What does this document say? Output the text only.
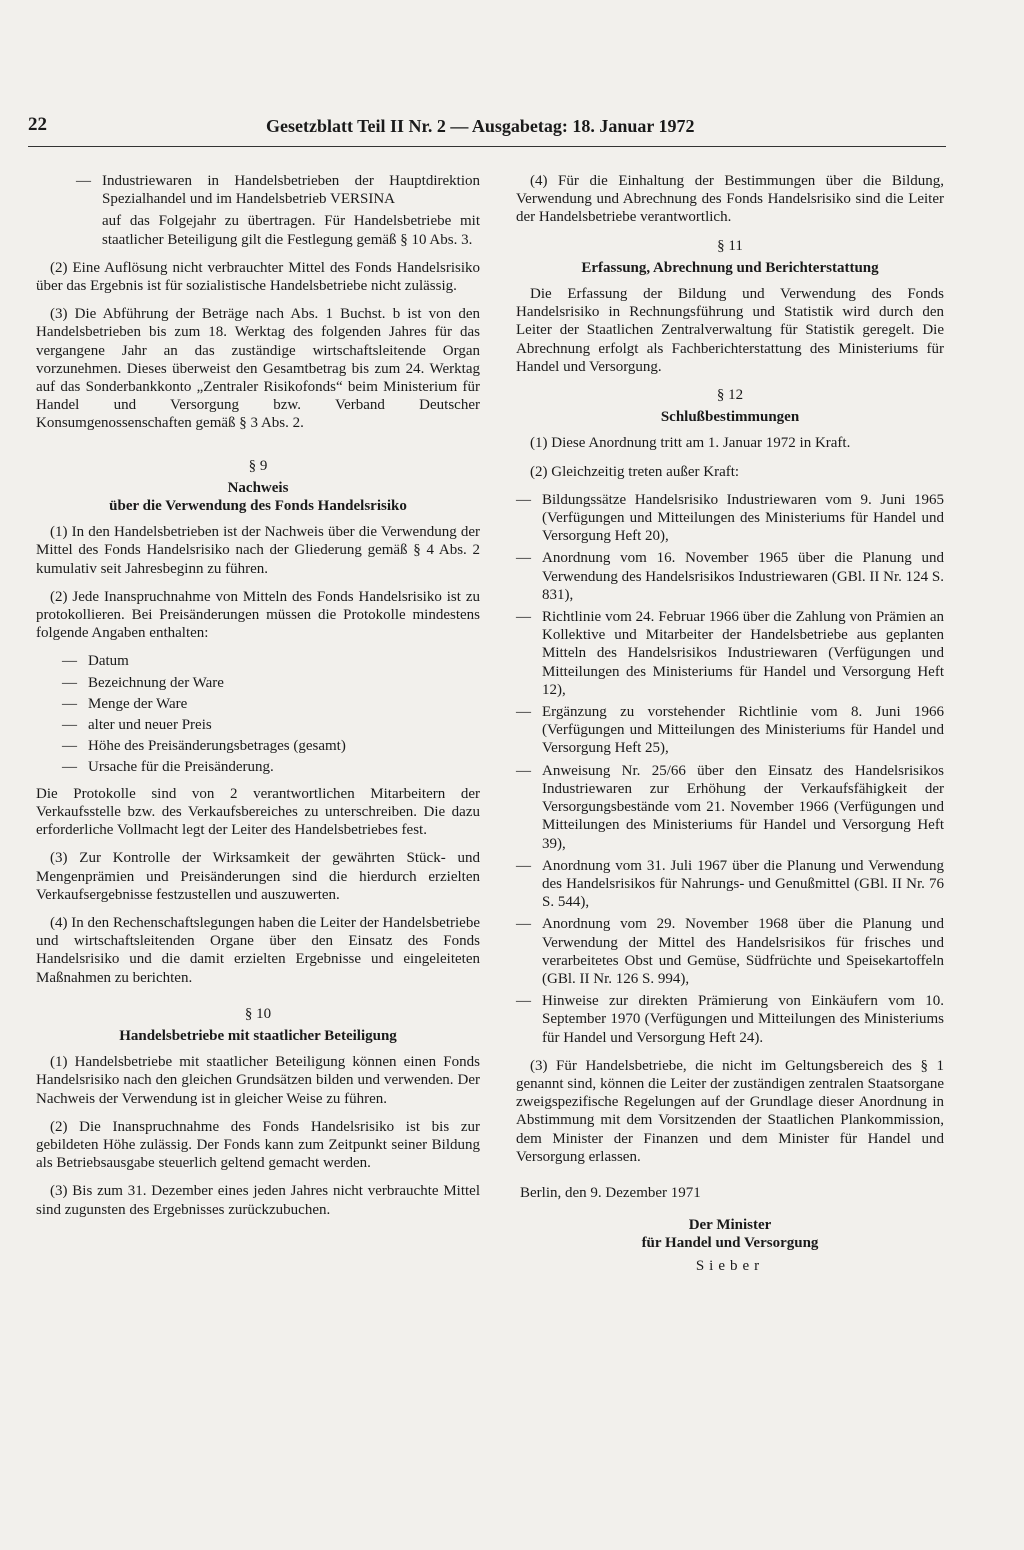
22	Gesetzblatt Teil II Nr. 2 — Ausgabetag: 18. Januar 1972
— Industriewaren in Handelsbetrieben der Hauptdirektion Spezialhandel und im Handelsbetrieb VERSINA

auf das Folgejahr zu übertragen. Für Handelsbetriebe mit staatlicher Beteiligung gilt die Festlegung gemäß § 10 Abs. 3.

(2) Eine Auflösung nicht verbrauchter Mittel des Fonds Handelsrisiko über das Ergebnis ist für sozialistische Handelsbetriebe nicht zulässig.

(3) Die Abführung der Beträge nach Abs. 1 Buchst. b ist von den Handelsbetrieben bis zum 18. Werktag des folgenden Jahres für das vergangene Jahr an das zuständige wirtschaftsleitende Organ vorzunehmen. Dieses überweist den Gesamtbetrag bis zum 24. Werktag auf das Sonderbankkonto „Zentraler Risikofonds“ beim Ministerium für Handel und Versorgung bzw. Verband Deutscher Konsumgenossenschaften gemäß § 3 Abs. 2.

§ 9
Nachweis
über die Verwendung des Fonds Handelsrisiko

(1) In den Handelsbetrieben ist der Nachweis über die Verwendung der Mittel des Fonds Handelsrisiko nach der Gliederung gemäß § 4 Abs. 2 kumulativ seit Jahresbeginn zu führen.

(2) Jede Inanspruchnahme von Mitteln des Fonds Handelsrisiko ist zu protokollieren. Bei Preisänderungen müssen die Protokolle mindestens folgende Angaben enthalten:

— Datum
— Bezeichnung der Ware
— Menge der Ware
— alter und neuer Preis
— Höhe des Preisänderungsbetrages (gesamt)
— Ursache für die Preisänderung.

Die Protokolle sind von 2 verantwortlichen Mitarbeitern der Verkaufsstelle bzw. des Verkaufsbereiches zu unterschreiben. Die dazu erforderliche Vollmacht legt der Leiter des Handelsbetriebes fest.

(3) Zur Kontrolle der Wirksamkeit der gewährten Stück- und Mengenprämien und Preisänderungen sind die hierdurch erzielten Verkaufsergebnisse festzustellen und auszuwerten.

(4) In den Rechenschaftslegungen haben die Leiter der Handelsbetriebe und wirtschaftsleitenden Organe über den Einsatz des Fonds Handelsrisiko und die damit erzielten Ergebnisse und eingeleiteten Maßnahmen zu berichten.

§ 10
Handelsbetriebe mit staatlicher Beteiligung

(1) Handelsbetriebe mit staatlicher Beteiligung können einen Fonds Handelsrisiko nach den gleichen Grundsätzen bilden und verwenden. Der Nachweis der Verwendung ist in gleicher Weise zu führen.

(2) Die Inanspruchnahme des Fonds Handelsrisiko ist bis zur gebildeten Höhe zulässig. Der Fonds kann zum Zeitpunkt seiner Bildung als Betriebsausgabe steuerlich geltend gemacht werden.

(3) Bis zum 31. Dezember eines jeden Jahres nicht verbrauchte Mittel sind zugunsten des Ergebnisses zurückzubuchen.

(4) Für die Einhaltung der Bestimmungen über die Bildung, Verwendung und Abrechnung des Fonds Handelsrisiko sind die Leiter der Handelsbetriebe verantwortlich.

§ 11
Erfassung, Abrechnung und Berichterstattung

Die Erfassung der Bildung und Verwendung des Fonds Handelsrisiko in Rechnungsführung und Statistik wird durch den Leiter der Staatlichen Zentralverwaltung für Statistik geregelt. Die Abrechnung erfolgt als Fachberichterstattung des Ministeriums für Handel und Versorgung.

§ 12
Schlußbestimmungen

(1) Diese Anordnung tritt am 1. Januar 1972 in Kraft.

(2) Gleichzeitig treten außer Kraft:

— Bildungssätze Handelsrisiko Industriewaren vom 9. Juni 1965 (Verfügungen und Mitteilungen des Ministeriums für Handel und Versorgung Heft 20),
— Anordnung vom 16. November 1965 über die Planung und Verwendung des Handelsrisikos Industriewaren (GBl. II Nr. 124 S. 831),
— Richtlinie vom 24. Februar 1966 über die Zahlung von Prämien an Kollektive und Mitarbeiter der Handelsbetriebe aus geplanten Mitteln des Handelsrisikos Industriewaren (Verfügungen und Mitteilungen des Ministeriums für Handel und Versorgung Heft 12),
— Ergänzung zu vorstehender Richtlinie vom 8. Juni 1966 (Verfügungen und Mitteilungen des Ministeriums für Handel und Versorgung Heft 25),
— Anweisung Nr. 25/66 über den Einsatz des Handelsrisikos Industriewaren zur Erhöhung der Verkaufsfähigkeit der Versorgungsbestände vom 21. November 1966 (Verfügungen und Mitteilungen des Ministeriums für Handel und Versorgung Heft 39),
— Anordnung vom 31. Juli 1967 über die Planung und Verwendung des Handelsrisikos für Nahrungs- und Genußmittel (GBl. II Nr. 76 S. 544),
— Anordnung vom 29. November 1968 über die Planung und Verwendung der Mittel des Handelsrisikos für frisches und verarbeitetes Obst und Gemüse, Südfrüchte und Speisekartoffeln (GBl. II Nr. 126 S. 994),
— Hinweise zur direkten Prämierung von Einkäufern vom 10. September 1970 (Verfügungen und Mitteilungen des Ministeriums für Handel und Versorgung Heft 24).

(3) Für Handelsbetriebe, die nicht im Geltungsbereich des § 1 genannt sind, können die Leiter der zuständigen zentralen Staatsorgane zweigspezifische Regelungen auf der Grundlage dieser Anordnung in Abstimmung mit dem Vorsitzenden der Staatlichen Plankommission, dem Minister der Finanzen und dem Minister für Handel und Versorgung erlassen.

Berlin, den 9. Dezember 1971
Der Minister
für Handel und Versorgung
Sieber
